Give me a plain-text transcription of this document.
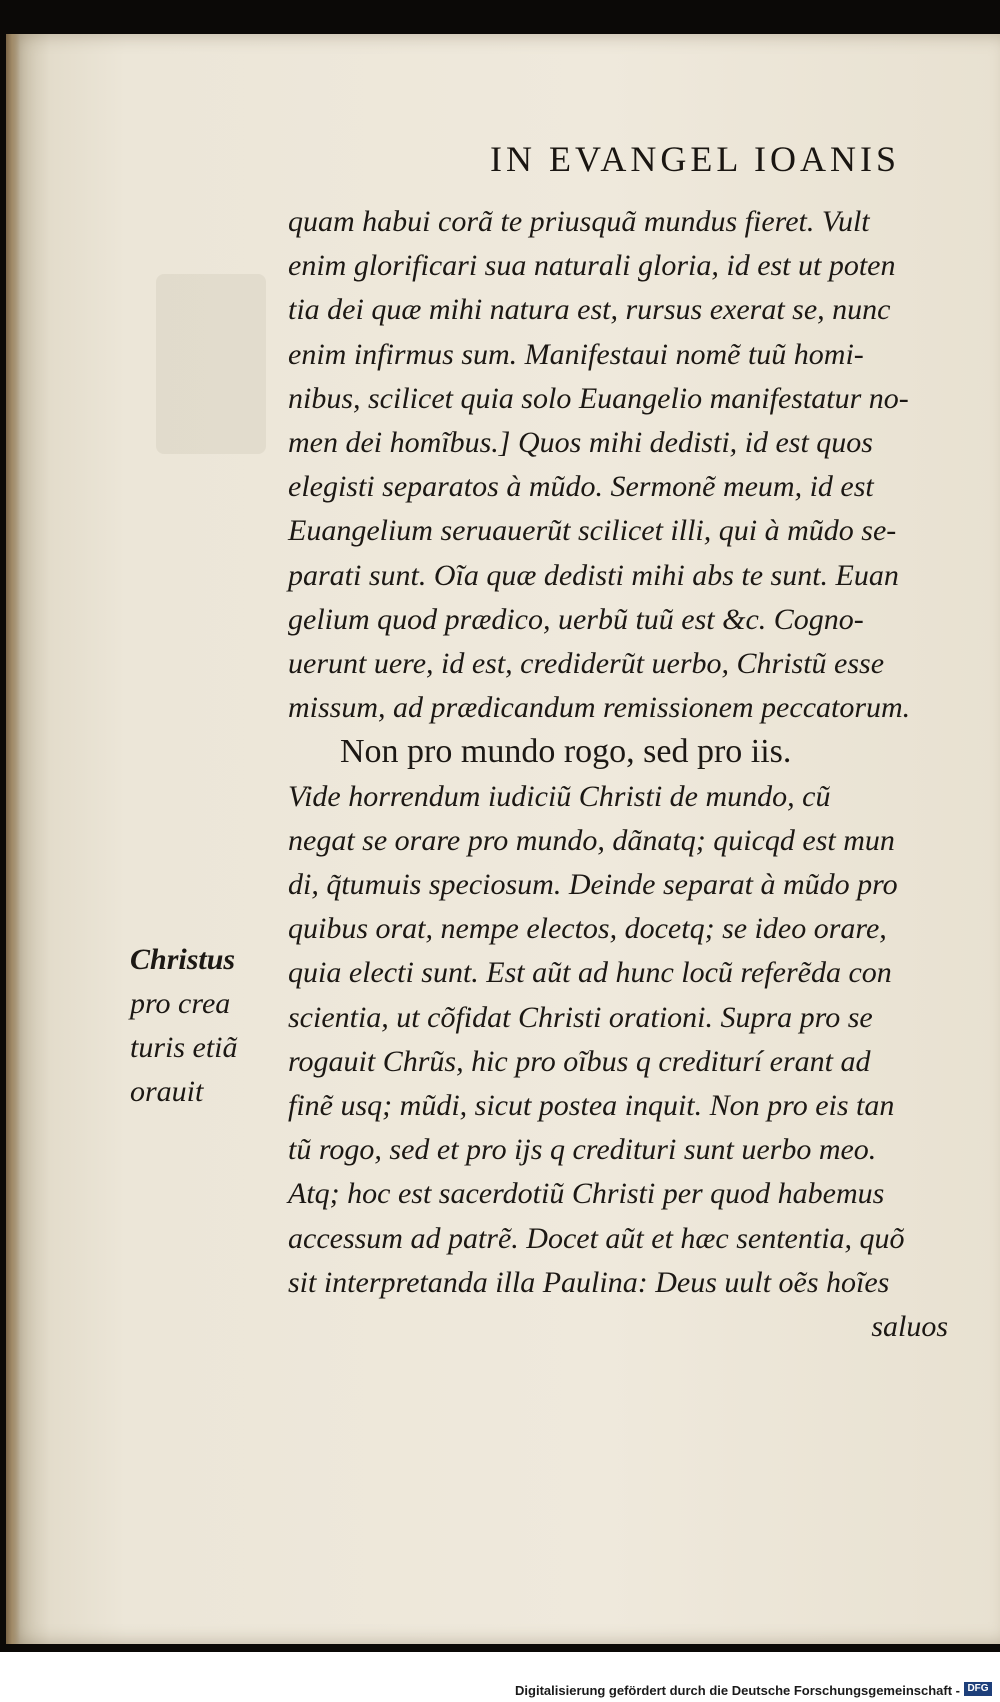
IN EVANGEL IOANIS
quam habui corã te priusquã mundus fieret. Vult
enim glorificari sua naturali gloria, id est ut poten
tia dei quæ mihi natura est, rursus exerat se, nunc
enim infirmus sum. Manifestaui nomẽ tuũ homi-
nibus, scilicet quia solo Euangelio manifestatur no-
men dei homĩbus.] Quos mihi dedisti, id est quos
elegisti separatos à mũdo. Sermonẽ meum, id est
Euangelium seruauerũt scilicet illi, qui à mũdo se-
parati sunt. Oĩa quæ dedisti mihi abs te sunt. Euan
gelium quod prædico, uerbũ tuũ est &c. Cogno-
uerunt uere, id est, crediderũt uerbo, Christũ esse
missum, ad prædicandum remissionem peccatorum.
Non pro mundo rogo, sed pro iis.
Vide horrendum iudiciũ Christi de mundo, cũ
negat se orare pro mundo, dãnatq; quicqd est mun
di, q̃tumuis speciosum. Deinde separat à mũdo pro
quibus orat, nempe electos, docetq; se ideo orare,
quia electi sunt. Est aũt ad hunc locũ referẽda con
scientia, ut cõfidat Christi orationi. Supra pro se
rogauit Chrũs, hic pro oĩbus q crediturí erant ad
finẽ usq; mũdi, sicut postea inquit. Non pro eis tan
tũ rogo, sed et pro ijs q credituri sunt uerbo meo.
Atq; hoc est sacerdotiũ Christi per quod habemus
accessum ad patrẽ. Docet aũt et hæc sententia, quõ
sit interpretanda illa Paulina: Deus uult oẽs hoĩes
saluos
Christus
pro crea
turis etiã
orauit
Digitalisierung gefördert durch die Deutsche Forschungsgemeinschaft - DFG
